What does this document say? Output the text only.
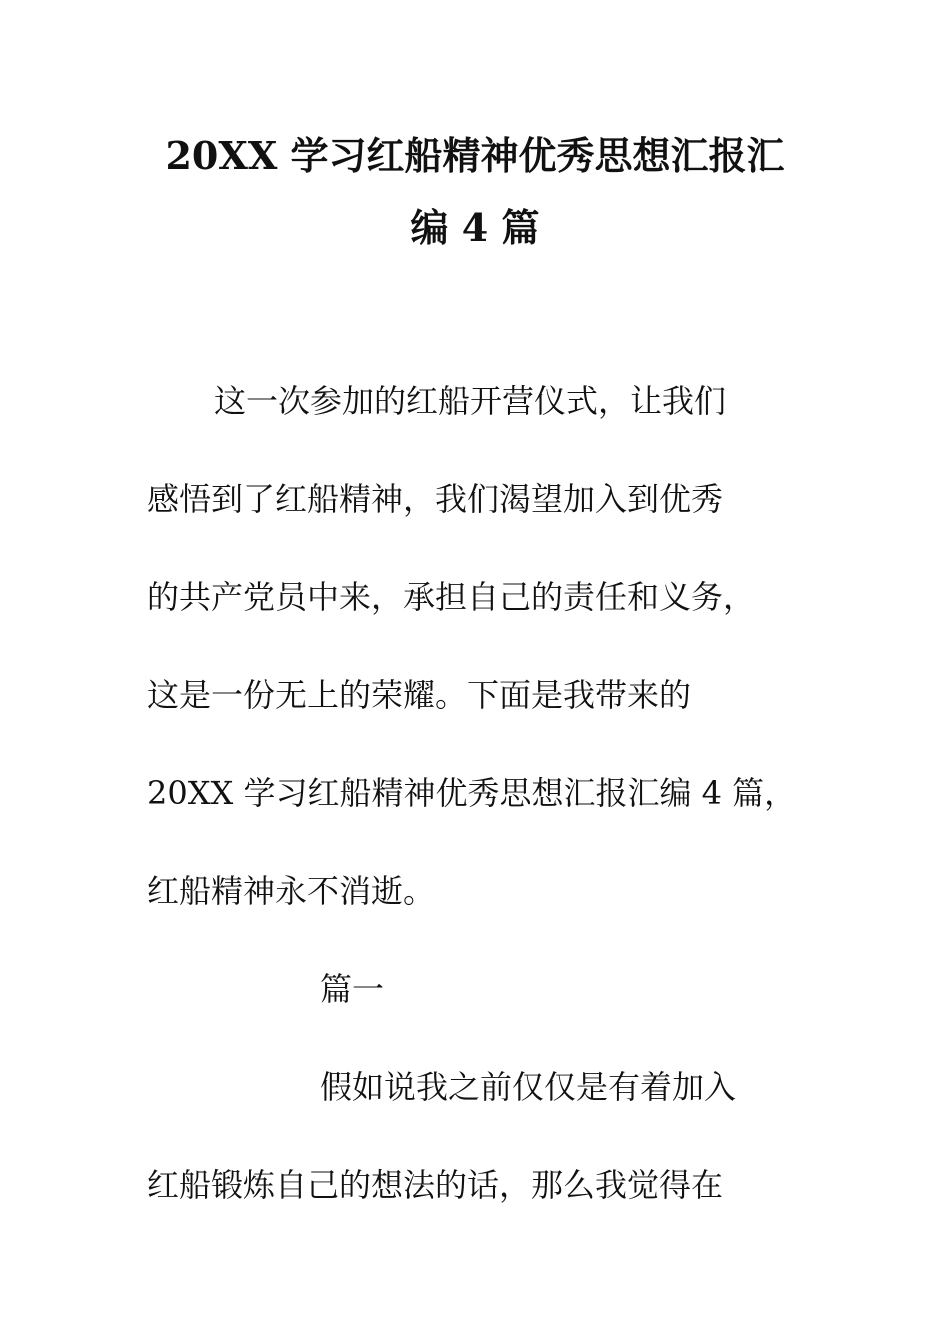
20XX 学习红船精神优秀思想汇报汇
编 4 篇
这一次参加的红船开营仪式，让我们
感悟到了红船精神，我们渴望加入到优秀
的共产党员中来，承担自己的责任和义务，
这是一份无上的荣耀。下面是我带来的
20XX 学习红船精神优秀思想汇报汇编 4 篇，
红船精神永不消逝。
篇一
假如说我之前仅仅是有着加入
红船锻炼自己的想法的话，那么我觉得在
